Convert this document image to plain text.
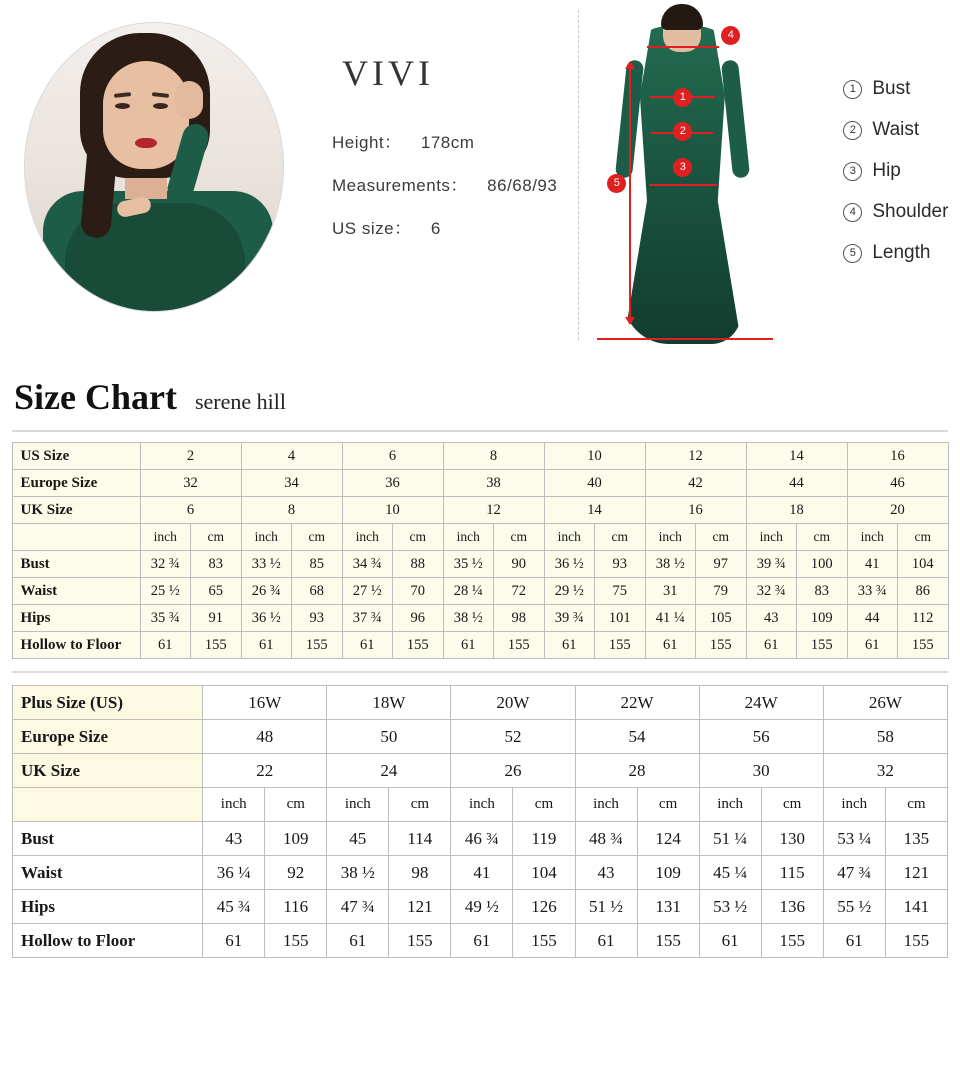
VIVI
Height： 178cm
Measurements： 86/68/93
US size： 6
4
1
2
3
5
1 Bust
2 Waist
3 Hip
4 Shoulder
5 Length
Size Chart serene hill
US Size	2		4		6		8		10		12		14		16	
Europe Size	32		34		36		38		40		42		44		46	
UK Size	6		8		10		12		14		16		18		20	
	inch	cm	inch	cm	inch	cm	inch	cm	inch	cm	inch	cm	inch	cm	inch	cm
Bust	32 ¾	83	33 ½	85	34 ¾	88	35 ½	90	36 ½	93	38 ½	97	39 ¾	100	41	104
Waist	25 ½	65	26 ¾	68	27 ½	70	28 ¼	72	29 ½	75	31	79	32 ¾	83	33 ¾	86
Hips	35 ¾	91	36 ½	93	37 ¾	96	38 ½	98	39 ¾	101	41 ¼	105	43	109	44	112
Hollow to Floor	61	155	61	155	61	155	61	155	61	155	61	155	61	155	61	155
Plus Size (US)	16W		18W		20W		22W		24W		26W	
Europe Size	48		50		52		54		56		58	
UK Size	22		24		26		28		30		32	
	inch	cm	inch	cm	inch	cm	inch	cm	inch	cm	inch	cm
Bust	43	109	45	114	46 ¾	119	48 ¾	124	51 ¼	130	53 ¼	135
Waist	36 ¼	92	38 ½	98	41	104	43	109	45 ¼	115	47 ¾	121
Hips	45 ¾	116	47 ¾	121	49 ½	126	51 ½	131	53 ½	136	55 ½	141
Hollow to Floor	61	155	61	155	61	155	61	155	61	155	61	155
